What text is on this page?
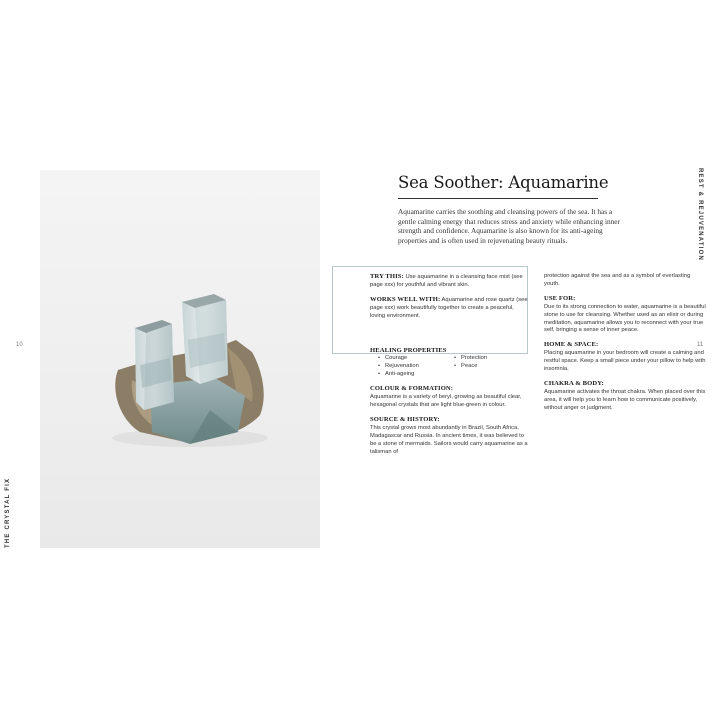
THE CRYSTAL FIX
REST & REJUVENATION
10	11
Sea Soother: Aquamarine
Aquamarine carries the soothing and cleansing powers of the sea. It has a gentle calming energy that reduces stress and anxiety while enhancing inner strength and confidence. Aquamarine is also known for its anti-ageing properties and is often used in rejuvenating beauty rituals.

TRY THIS: Use aquamarine in a cleansing face mist (see page xxx) for youthful and vibrant skin.

WORKS WELL WITH: Aquamarine and rose quartz (see page xxx) work beautifully together to create a peaceful, loving environment.

HEALING PROPERTIES
• Courage
• Rejuvenation
• Anti-ageing
• Protection
• Peace
COLOUR & FORMATION:
Aquamarine is a variety of beryl, growing as beautiful clear, hexagonal crystals that are light blue-green in colour.
SOURCE & HISTORY:
This crystal grows most abundantly in Brazil, South Africa, Madagascar and Russia. In ancient times, it was believed to be a stone of mermaids. Sailors would carry aquamarine as a talisman of
protection against the sea and as a symbol of everlasting youth.
USE FOR:
Due to its strong connection to water, aquamarine is a beautiful stone to use for cleansing. Whether used as an elixir or during meditation, aquamarine allows you to reconnect with your true self, bringing a sense of inner peace.
HOME & SPACE:
Placing aquamarine in your bedroom will create a calming and restful space. Keep a small piece under your pillow to help with insomnia.
CHAKRA & BODY:
Aquamarine activates the throat chakra. When placed over this area, it will help you to learn how to communicate positively, without anger or judgment.
